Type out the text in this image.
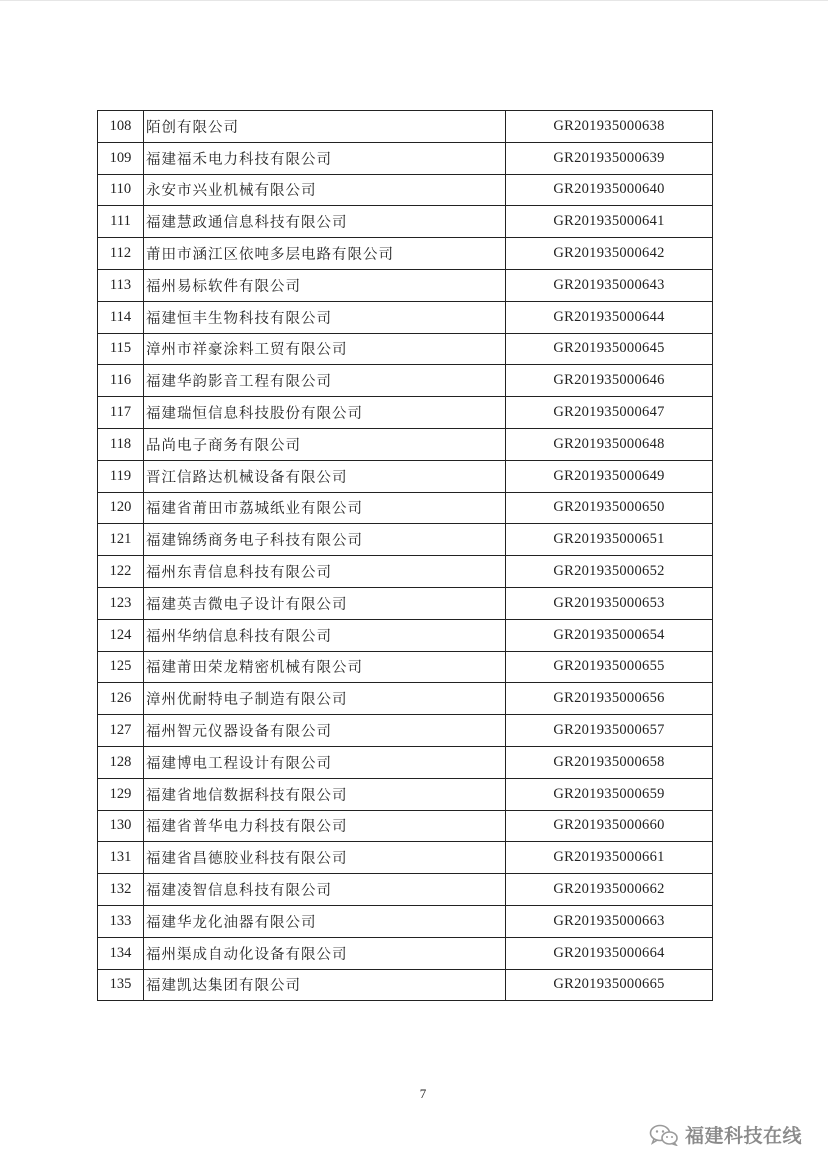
108	陌创有限公司	GR201935000638
109	福建福禾电力科技有限公司	GR201935000639
110	永安市兴业机械有限公司	GR201935000640
111	福建慧政通信息科技有限公司	GR201935000641
112	莆田市涵江区依吨多层电路有限公司	GR201935000642
113	福州易标软件有限公司	GR201935000643
114	福建恒丰生物科技有限公司	GR201935000644
115	漳州市祥豪涂料工贸有限公司	GR201935000645
116	福建华韵影音工程有限公司	GR201935000646
117	福建瑞恒信息科技股份有限公司	GR201935000647
118	品尚电子商务有限公司	GR201935000648
119	晋江信路达机械设备有限公司	GR201935000649
120	福建省莆田市荔城纸业有限公司	GR201935000650
121	福建锦绣商务电子科技有限公司	GR201935000651
122	福州东青信息科技有限公司	GR201935000652
123	福建英吉微电子设计有限公司	GR201935000653
124	福州华纳信息科技有限公司	GR201935000654
125	福建莆田荣龙精密机械有限公司	GR201935000655
126	漳州优耐特电子制造有限公司	GR201935000656
127	福州智元仪器设备有限公司	GR201935000657
128	福建博电工程设计有限公司	GR201935000658
129	福建省地信数据科技有限公司	GR201935000659
130	福建省普华电力科技有限公司	GR201935000660
131	福建省昌德胶业科技有限公司	GR201935000661
132	福建凌智信息科技有限公司	GR201935000662
133	福建华龙化油器有限公司	GR201935000663
134	福州渠成自动化设备有限公司	GR201935000664
135	福建凯达集团有限公司	GR201935000665
7
福建科技在线
